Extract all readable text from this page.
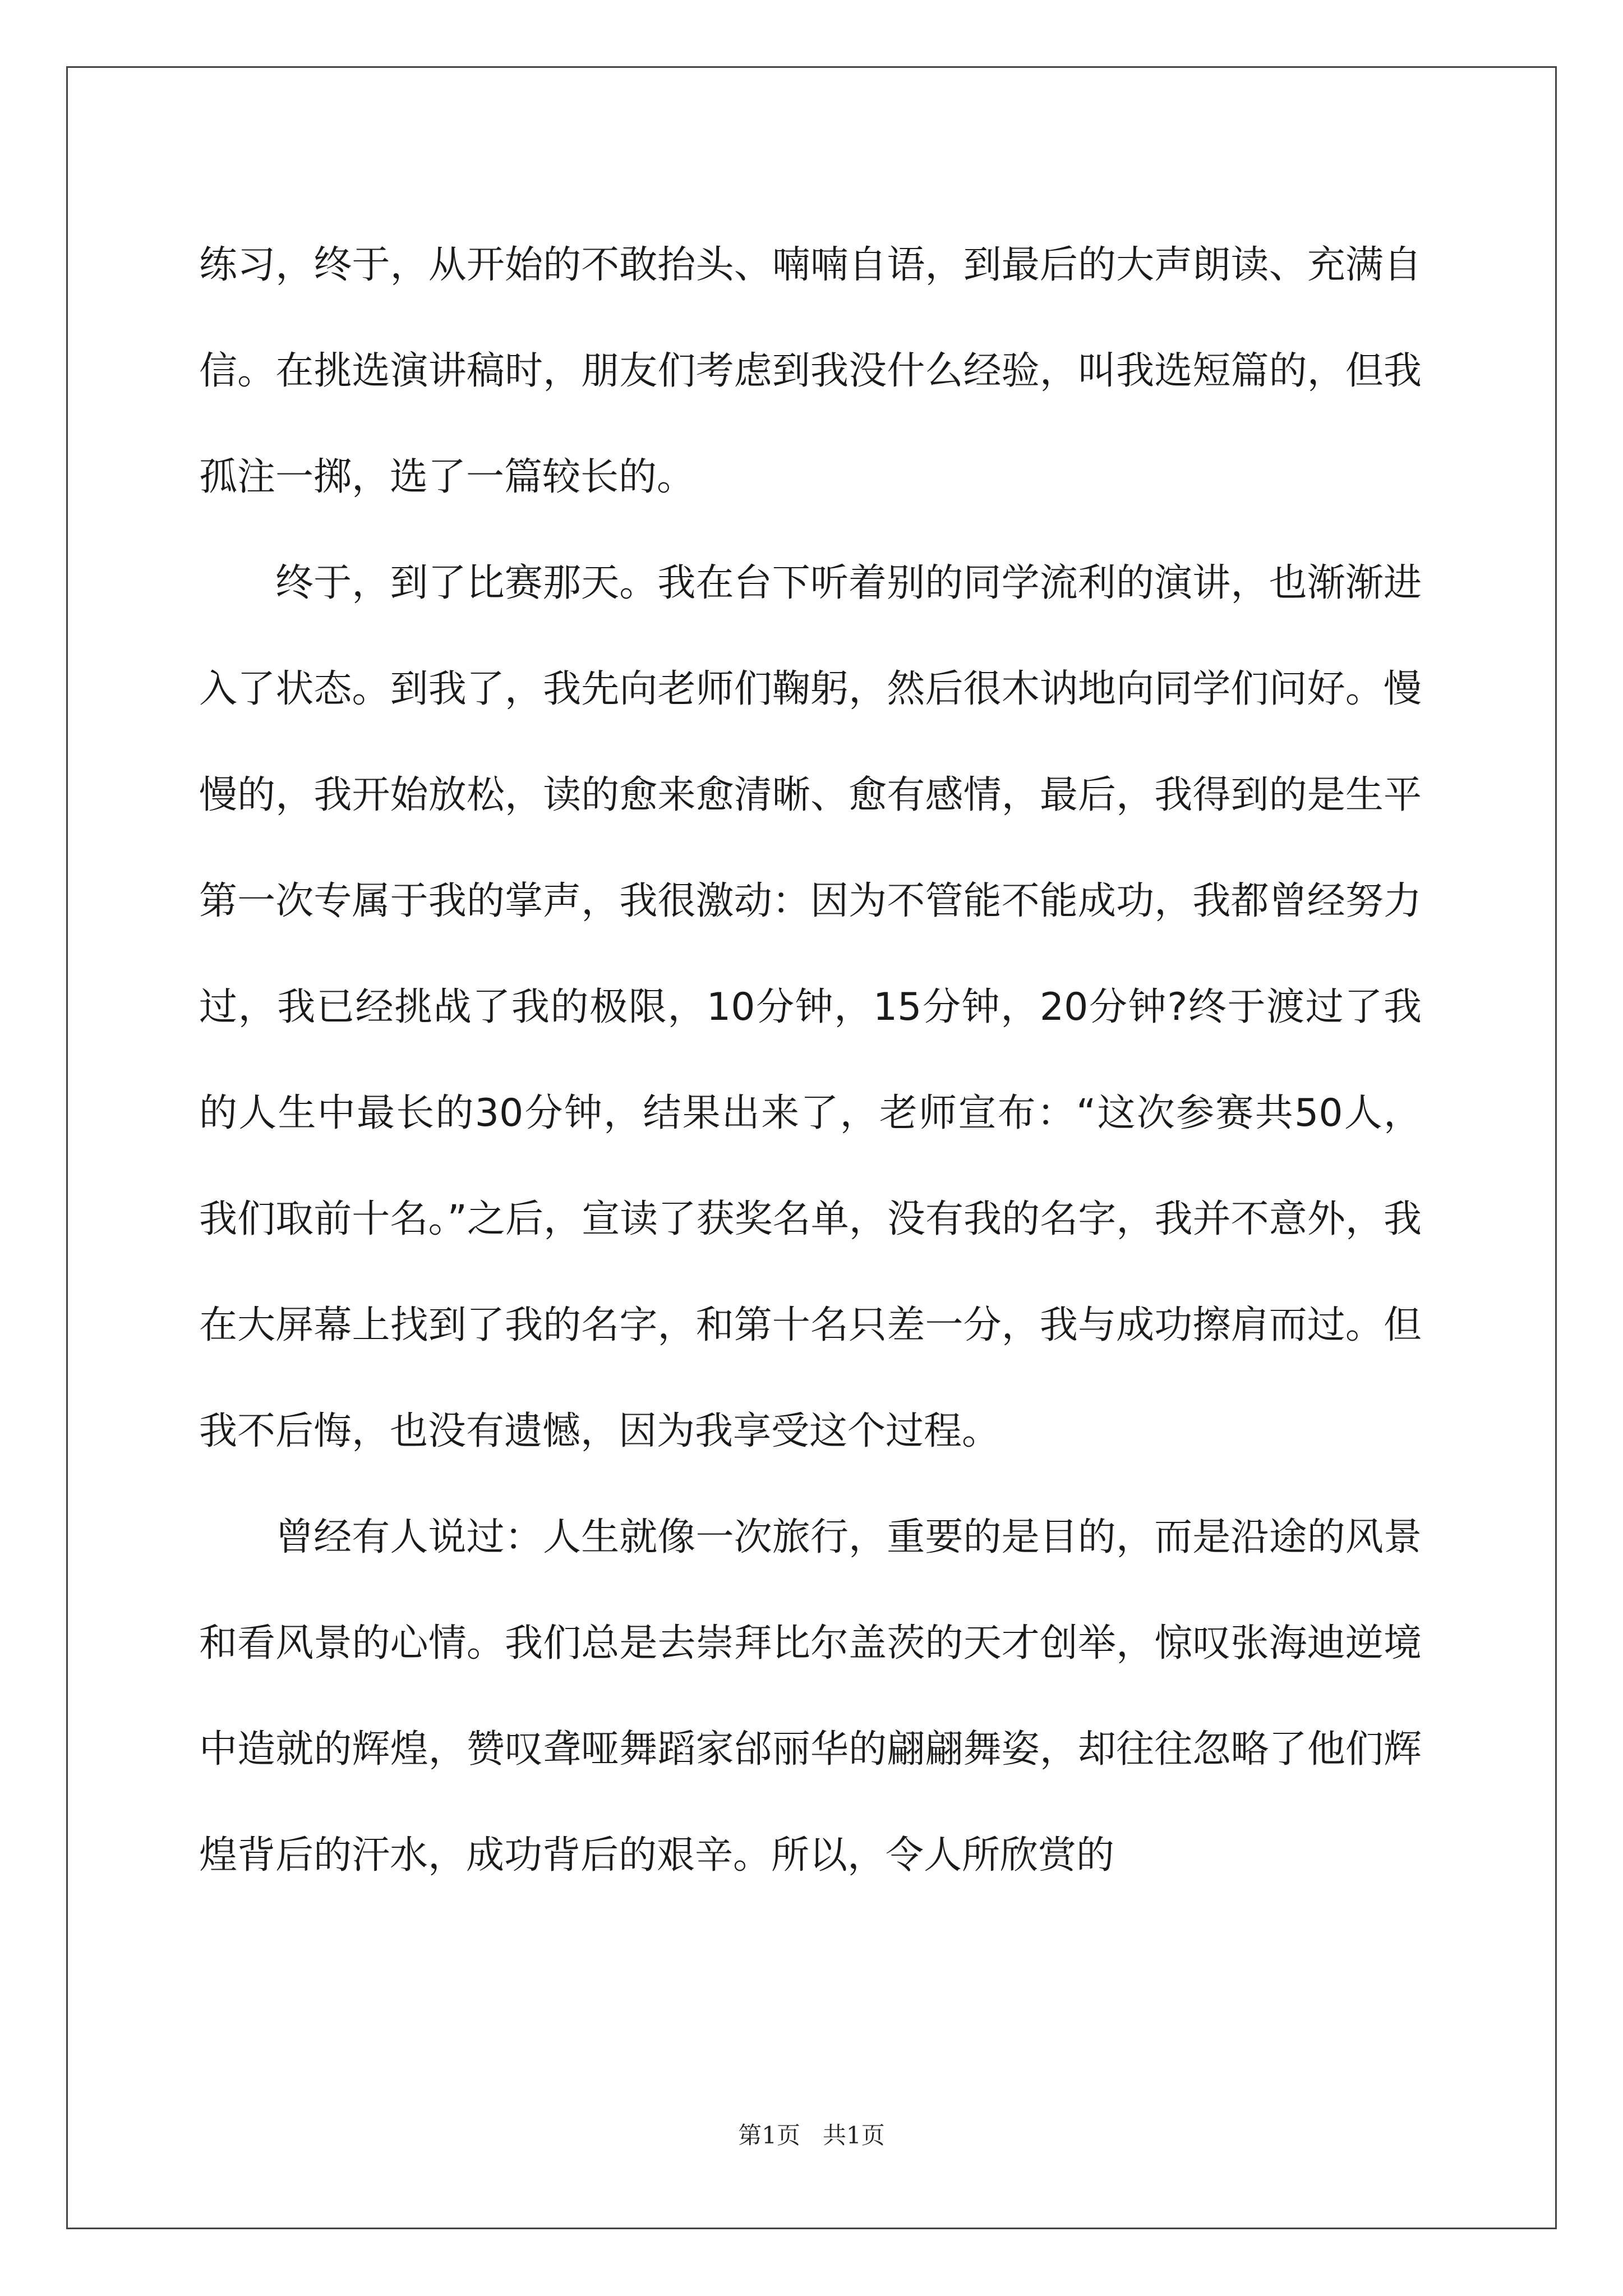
练习，终于，从开始的不敢抬头、喃喃自语，到最后的大声朗读、充满自信。在挑选演讲稿时，朋友们考虑到我没什么经验，叫我选短篇的，但我孤注一掷，选了一篇较长的。

终于，到了比赛那天。我在台下听着别的同学流利的演讲，也渐渐进入了状态。到我了，我先向老师们鞠躬，然后很木讷地向同学们问好。慢慢的，我开始放松，读的愈来愈清晰、愈有感情，最后，我得到的是生平第一次专属于我的掌声，我很激动：因为不管能不能成功，我都曾经努力过，我已经挑战了我的极限，10分钟，15分钟，20分钟?终于渡过了我的人生中最长的30分钟，结果出来了，老师宣布：“这次参赛共50人，我们取前十名。”之后，宣读了获奖名单，没有我的名字，我并不意外，我在大屏幕上找到了我的名字，和第十名只差一分，我与成功擦肩而过。但我不后悔，也没有遗憾，因为我享受这个过程。

曾经有人说过：人生就像一次旅行，重要的是目的，而是沿途的风景和看风景的心情。我们总是去崇拜比尔盖茨的天才创举，惊叹张海迪逆境中造就的辉煌，赞叹聋哑舞蹈家邰丽华的翩翩舞姿，却往往忽略了他们辉煌背后的汗水，成功背后的艰辛。所以，令人所欣赏的

第1页 共1页
